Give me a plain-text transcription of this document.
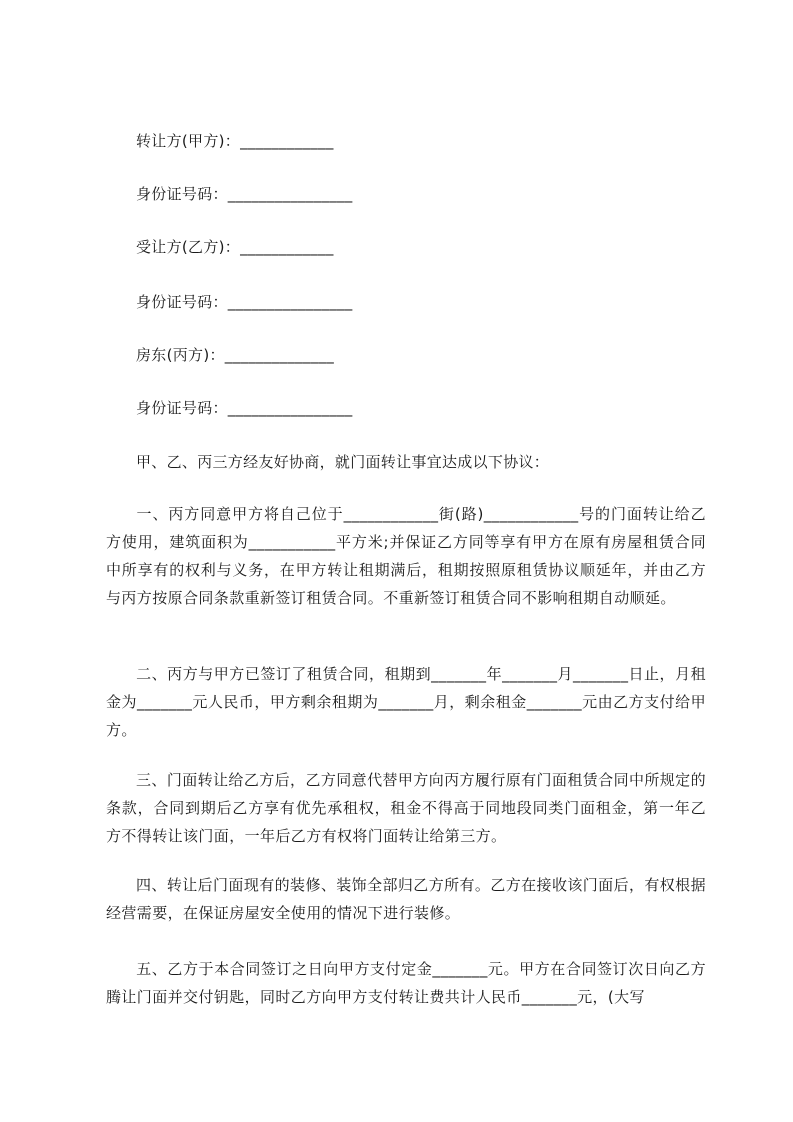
转让方(甲方)：____________
身份证号码：________________
受让方(乙方)：____________
身份证号码：________________
房东(丙方)：______________
身份证号码：________________
甲、乙、丙三方经友好协商，就门面转让事宜达成以下协议：
一、丙方同意甲方将自己位于____________街(路)____________号的门面转让给乙方使用，建筑面积为___________平方米;并保证乙方同等享有甲方在原有房屋租赁合同中所享有的权利与义务，在甲方转让租期满后，租期按照原租赁协议顺延年，并由乙方与丙方按原合同条款重新签订租赁合同。不重新签订租赁合同不影响租期自动顺延。
二、丙方与甲方已签订了租赁合同，租期到_______年_______月_______日止，月租金为_______元人民币，甲方剩余租期为_______月，剩余租金_______元由乙方支付给甲方。
三、门面转让给乙方后，乙方同意代替甲方向丙方履行原有门面租赁合同中所规定的条款，合同到期后乙方享有优先承租权，租金不得高于同地段同类门面租金，第一年乙方不得转让该门面，一年后乙方有权将门面转让给第三方。
四、转让后门面现有的装修、装饰全部归乙方所有。乙方在接收该门面后，有权根据经营需要，在保证房屋安全使用的情况下进行装修。
五、乙方于本合同签订之日向甲方支付定金_______元。甲方在合同签订次日向乙方腾让门面并交付钥匙，同时乙方向甲方支付转让费共计人民币_______元，(大写
